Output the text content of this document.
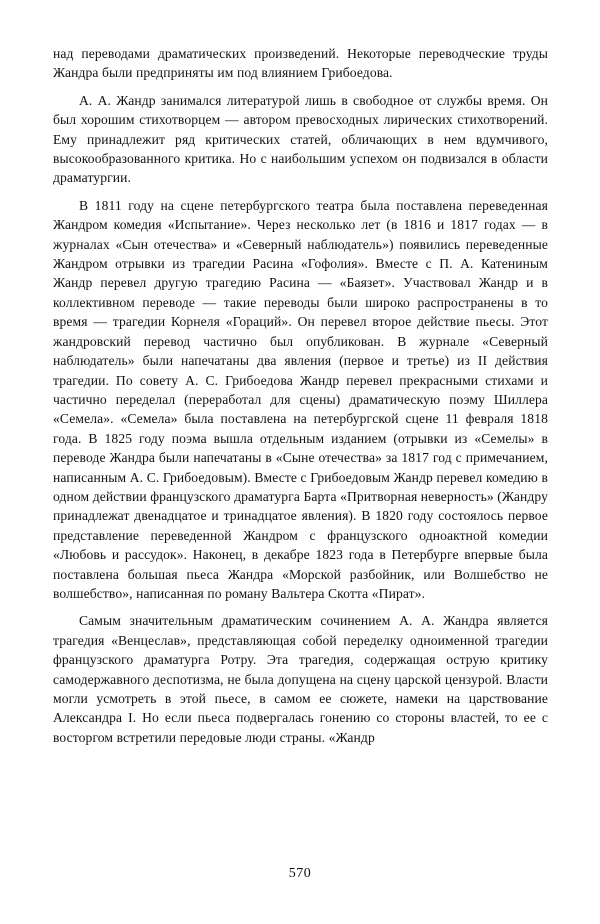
над переводами драматических произведений. Некоторые переводческие труды Жандра были предприняты им под влиянием Грибоедова.

А. А. Жандр занимался литературой лишь в свободное от службы время. Он был хорошим стихотворцем — автором превосходных лирических стихотворений. Ему принадлежит ряд критических статей, обличающих в нем вдумчивого, высокообразованного критика. Но с наибольшим успехом он подвизался в области драматургии.

В 1811 году на сцене петербургского театра была поставлена переведенная Жандром комедия «Испытание». Через несколько лет (в 1816 и 1817 годах — в журналах «Сын отечества» и «Северный наблюдатель») появились переведенные Жандром отрывки из трагедии Расина «Гофолия». Вместе с П. А. Катениным Жандр перевел другую трагедию Расина — «Баязет». Участвовал Жандр и в коллективном переводе — такие переводы были широко распространены в то время — трагедии Корнеля «Гораций». Он перевел второе действие пьесы. Этот жандровский перевод частично был опубликован. В журнале «Северный наблюдатель» были напечатаны два явления (первое и третье) из II действия трагедии. По совету А. С. Грибоедова Жандр перевел прекрасными стихами и частично переделал (переработал для сцены) драматическую поэму Шиллера «Семела». «Семела» была поставлена на петербургской сцене 11 февраля 1818 года. В 1825 году поэма вышла отдельным изданием (отрывки из «Семелы» в переводе Жандра были напечатаны в «Сыне отечества» за 1817 год с примечанием, написанным А. С. Грибоедовым). Вместе с Грибоедовым Жандр перевел комедию в одном действии французского драматурга Барта «Притворная неверность» (Жандру принадлежат двенадцатое и тринадцатое явления). В 1820 году состоялось первое представление переведенной Жандром с французского одноактной комедии «Любовь и рассудок». Наконец, в декабре 1823 года в Петербурге впервые была поставлена большая пьеса Жандра «Морской разбойник, или Волшебство не волшебство», написанная по роману Вальтера Скотта «Пират».

Самым значительным драматическим сочинением А. А. Жандра является трагедия «Венцеслав», представляющая собой переделку одноименной трагедии французского драматурга Ротру. Эта трагедия, содержащая острую критику самодержавного деспотизма, не была допущена на сцену царской цензурой. Власти могли усмотреть в этой пьесе, в самом ее сюжете, намеки на царствование Александра I. Но если пьеса подвергалась гонению со стороны властей, то ее с восторгом встретили передовые люди страны. «Жандр

570
